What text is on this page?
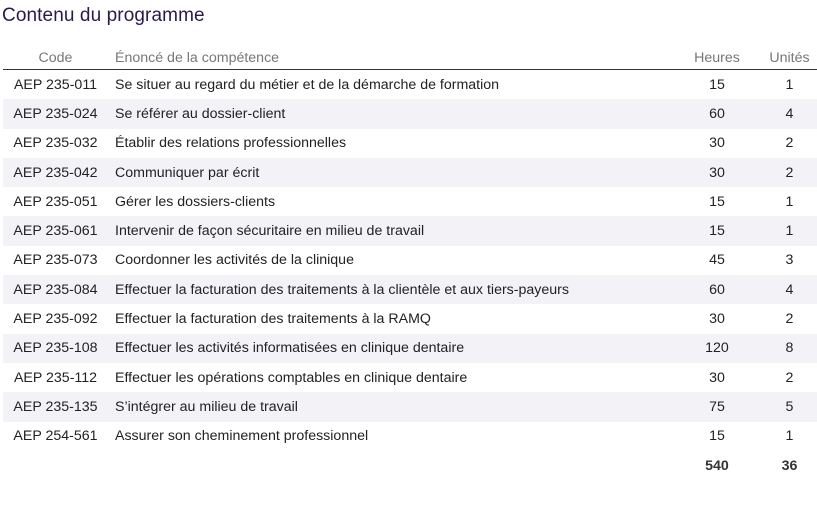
Contenu du programme
Code	Énoncé de la compétence	Heures	Unités
AEP 235-011	Se situer au regard du métier et de la démarche de formation	15	1
AEP 235-024	Se référer au dossier-client	60	4
AEP 235-032	Établir des relations professionnelles	30	2
AEP 235-042	Communiquer par écrit	30	2
AEP 235-051	Gérer les dossiers-clients	15	1
AEP 235-061	Intervenir de façon sécuritaire en milieu de travail	15	1
AEP 235-073	Coordonner les activités de la clinique	45	3
AEP 235-084	Effectuer la facturation des traitements à la clientèle et aux tiers-payeurs	60	4
AEP 235-092	Effectuer la facturation des traitements à la RAMQ	30	2
AEP 235-108	Effectuer les activités informatisées en clinique dentaire	120	8
AEP 235-112	Effectuer les opérations comptables en clinique dentaire	30	2
AEP 235-135	S’intégrer au milieu de travail	75	5
AEP 254-561	Assurer son cheminement professionnel	15	1
		540	36
